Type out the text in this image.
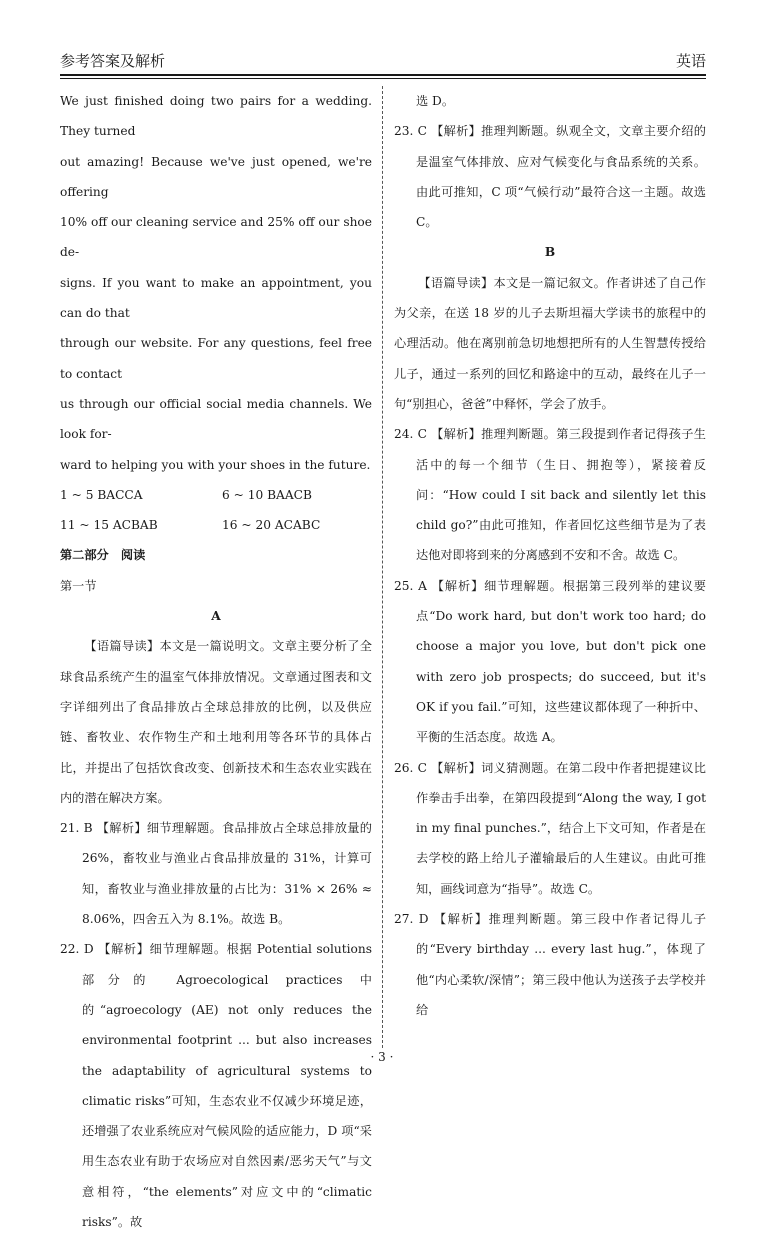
参考答案及解析	英语

We just finished doing two pairs for a wedding. They turned

out amazing! Because we've just opened, we're offering

10% off our cleaning service and 25% off our shoe de-

signs. If you want to make an appointment, you can do that

through our website. For any questions, feel free to contact

us through our official social media channels. We look for-

ward to helping you with your shoes in the future.

1 ~ 5 BACCA	6 ~ 10 BAACB
11 ~ 15 ACBAB	16 ~ 20 ACABC

第二部分　阅读

第一节

A

【语篇导读】本文是一篇说明文。文章主要分析了全球食品系统产生的温室气体排放情况。文章通过图表和文字详细列出了食品排放占全球总排放的比例，以及供应链、畜牧业、农作物生产和土地利用等各环节的具体占比，并提出了包括饮食改变、创新技术和生态农业实践在内的潜在解决方案。

21. B 【解析】细节理解题。食品排放占全球总排放量的 26%，畜牧业与渔业占食品排放量的 31%，计算可知，畜牧业与渔业排放量的占比为：31% × 26% ≈ 8.06%，四舍五入为 8.1%。故选 B。

22. D 【解析】细节理解题。根据 Potential solutions 部分的 Agroecological practices 中的“agroecology (AE) not only reduces the environmental footprint ... but also increases the adaptability of agricultural systems to climatic risks”可知，生态农业不仅减少环境足迹，还增强了农业系统应对气候风险的适应能力，D 项“采用生态农业有助于农场应对自然因素/恶劣天气”与文意相符，“the elements”对应文中的“climatic risks”。故

选 D。

23. C 【解析】推理判断题。纵观全文，文章主要介绍的是温室气体排放、应对气候变化与食品系统的关系。由此可推知，C 项“气候行动”最符合这一主题。故选 C。

B

【语篇导读】本文是一篇记叙文。作者讲述了自己作为父亲，在送 18 岁的儿子去斯坦福大学读书的旅程中的心理活动。他在离别前急切地想把所有的人生智慧传授给儿子，通过一系列的回忆和路途中的互动，最终在儿子一句“别担心，爸爸”中释怀，学会了放手。

24. C 【解析】推理判断题。第三段提到作者记得孩子生活中的每一个细节（生日、拥抱等），紧接着反问：“How could I sit back and silently let this child go?”由此可推知，作者回忆这些细节是为了表达他对即将到来的分离感到不安和不舍。故选 C。

25. A 【解析】细节理解题。根据第三段列举的建议要点“Do work hard, but don't work too hard; do choose a major you love, but don't pick one with zero job prospects; do succeed, but it's OK if you fail.”可知，这些建议都体现了一种折中、平衡的生活态度。故选 A。

26. C 【解析】词义猜测题。在第二段中作者把提建议比作拳击手出拳，在第四段提到“Along the way, I got in my final punches.”，结合上下文可知，作者是在去学校的路上给儿子灌输最后的人生建议。由此可推知，画线词意为“指导”。故选 C。

27. D 【解析】推理判断题。第三段中作者记得儿子的“Every birthday ... every last hug.”，体现了他“内心柔软/深情”；第三段中他认为送孩子去学校并给

· 3 ·
